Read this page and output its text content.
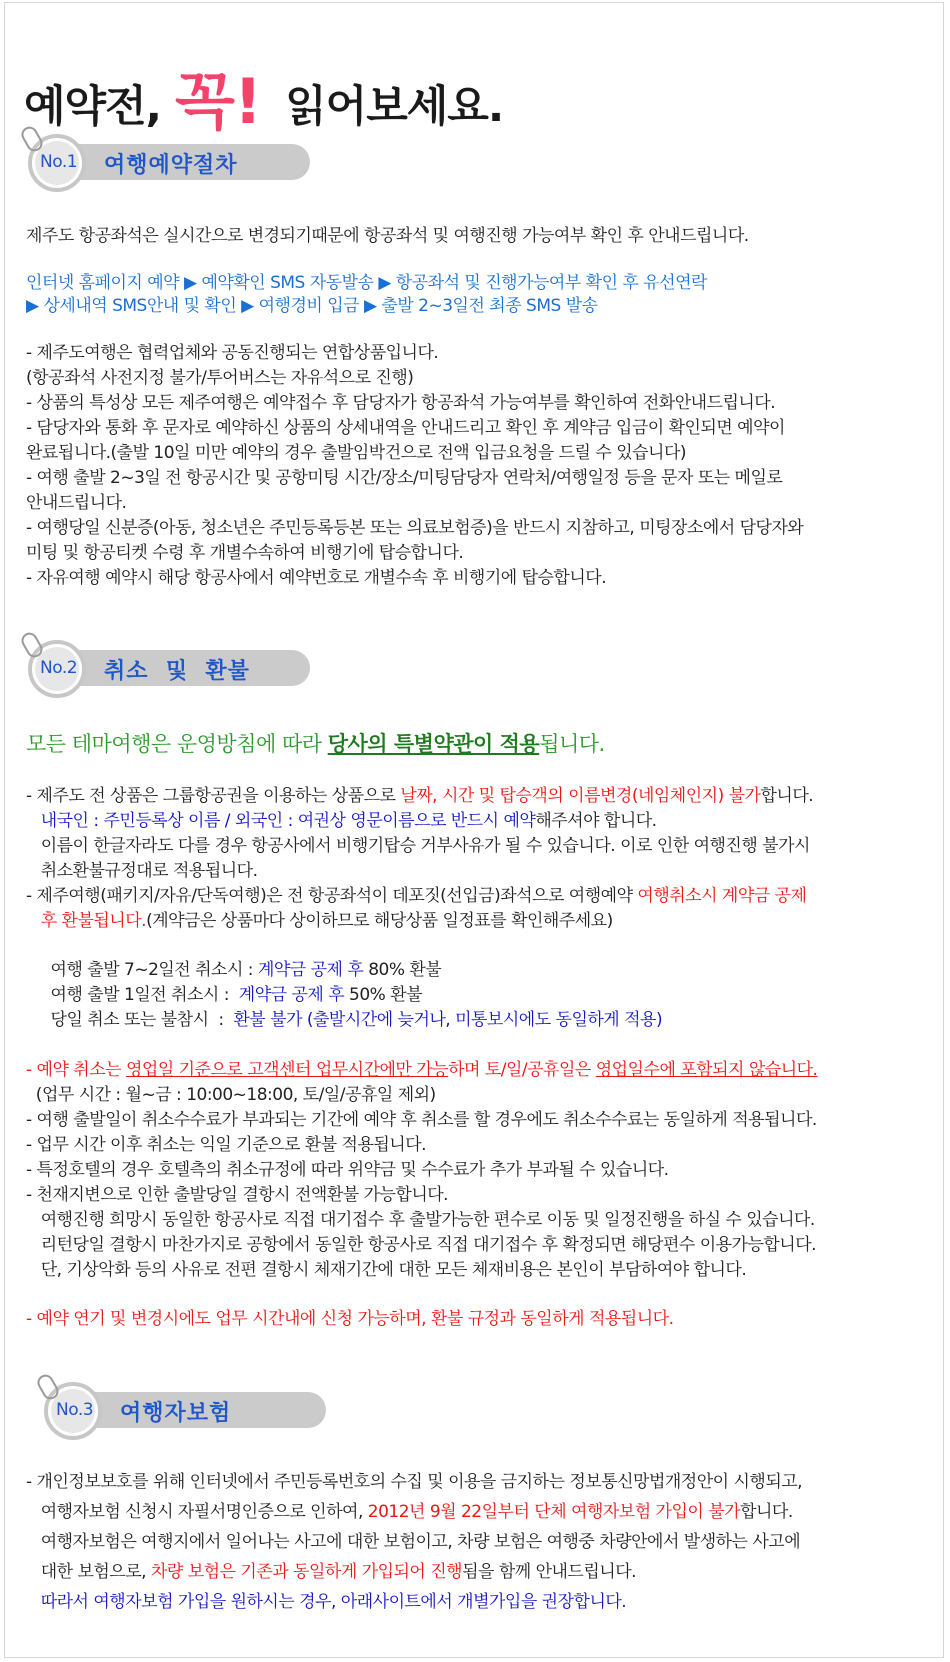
예약전, 꼭! 읽어보세요.
No.1 여행예약절차
제주도 항공좌석은 실시간으로 변경되기때문에 항공좌석 및 여행진행 가능여부 확인 후 안내드립니다.
인터넷 홈페이지 예약 ▶ 예약확인 SMS 자동발송 ▶ 항공좌석 및 진행가능여부 확인 후 유선연락
▶ 상세내역 SMS안내 및 확인 ▶ 여행경비 입금 ▶ 출발 2~3일전 최종 SMS 발송
- 제주도여행은 협력업체와 공동진행되는 연합상품입니다.
(항공좌석 사전지정 불가/투어버스는 자유석으로 진행)
- 상품의 특성상 모든 제주여행은 예약접수 후 담당자가 항공좌석 가능여부를 확인하여 전화안내드립니다.
- 담당자와 통화 후 문자로 예약하신 상품의 상세내역을 안내드리고 확인 후 계약금 입금이 확인되면 예약이
완료됩니다.(출발 10일 미만 예약의 경우 출발임박건으로 전액 입금요청을 드릴 수 있습니다)
- 여행 출발 2~3일 전 항공시간 및 공항미팅 시간/장소/미팅담당자 연락처/여행일정 등을 문자 또는 메일로
안내드립니다.
- 여행당일 신분증(아동, 청소년은 주민등록등본 또는 의료보험증)을 반드시 지참하고, 미팅장소에서 담당자와
미팅 및 항공티켓 수령 후 개별수속하여 비행기에 탑승합니다.
- 자유여행 예약시 해당 항공사에서 예약번호로 개별수속 후 비행기에 탑승합니다.
No.2 취소  및  환불
모든 테마여행은 운영방침에 따라 당사의 특별약관이 적용됩니다.
- 제주도 전 상품은 그룹항공권을 이용하는 상품으로 날짜, 시간 및 탑승객의 이름변경(네임체인지) 불가합니다.
내국인 : 주민등록상 이름 / 외국인 : 여권상 영문이름으로 반드시 예약해주셔야 합니다.
이름이 한글자라도 다를 경우 항공사에서 비행기탑승 거부사유가 될 수 있습니다. 이로 인한 여행진행 불가시
취소환불규정대로 적용됩니다.
- 제주여행(패키지/자유/단독여행)은 전 항공좌석이 데포짓(선입금)좌석으로 여행예약 여행취소시 계약금 공제
후 환불됩니다.(계약금은 상품마다 상이하므로 해당상품 일정표를 확인해주세요)
여행 출발 7~2일전 취소시 : 계약금 공제 후 80% 환불
여행 출발 1일전 취소시 :  계약금 공제 후 50% 환불
당일 취소 또는 불참시  :  환불 불가 (출발시간에 늦거나, 미통보시에도 동일하게 적용)
- 예약 취소는 영업일 기준으로 고객센터 업무시간에만 가능하며 토/일/공휴일은 영업일수에 포함되지 않습니다.
(업무 시간 : 월~금 : 10:00~18:00, 토/일/공휴일 제외)
- 여행 출발일이 취소수수료가 부과되는 기간에 예약 후 취소를 할 경우에도 취소수수료는 동일하게 적용됩니다.
- 업무 시간 이후 취소는 익일 기준으로 환불 적용됩니다.
- 특정호텔의 경우 호텔측의 취소규정에 따라 위약금 및 수수료가 추가 부과될 수 있습니다.
- 천재지변으로 인한 출발당일 결항시 전액환불 가능합니다.
여행진행 희망시 동일한 항공사로 직접 대기접수 후 출발가능한 편수로 이동 및 일정진행을 하실 수 있습니다.
리턴당일 결항시 마찬가지로 공항에서 동일한 항공사로 직접 대기접수 후 확정되면 해당편수 이용가능합니다.
단, 기상악화 등의 사유로 전편 결항시 체재기간에 대한 모든 체재비용은 본인이 부담하여야 합니다.
- 예약 연기 및 변경시에도 업무 시간내에 신청 가능하며, 환불 규정과 동일하게 적용됩니다.
No.3 여행자보험
- 개인정보보호를 위해 인터넷에서 주민등록번호의 수집 및 이용을 금지하는 정보통신망법개정안이 시행되고,
여행자보험 신청시 자필서명인증으로 인하여, 2012년 9월 22일부터 단체 여행자보험 가입이 불가합니다.
여행자보험은 여행지에서 일어나는 사고에 대한 보험이고, 차량 보험은 여행중 차량안에서 발생하는 사고에
대한 보험으로, 차량 보험은 기존과 동일하게 가입되어 진행됨을 함께 안내드립니다.
따라서 여행자보험 가입을 원하시는 경우, 아래사이트에서 개별가입을 권장합니다.
